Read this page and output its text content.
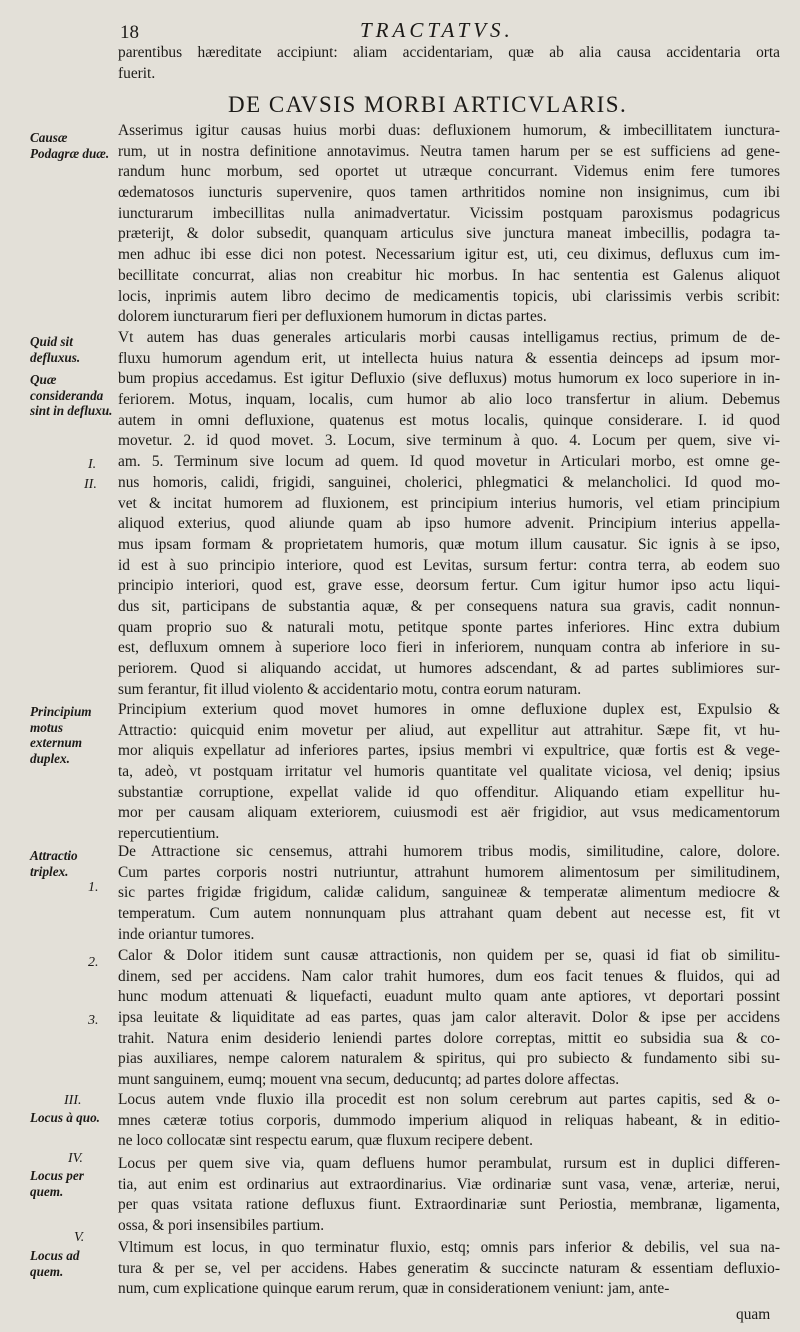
18	TRACTATVS.
parentibus hæreditate accipiunt: aliam accidentariam, quæ ab alia causa accidentaria orta
fuerit.
DE CAVSIS MORBI ARTICVLARIS.
Asserimus igitur causas huius morbi duas: defluxionem humorum, & imbecillitatem iunctura-
rum, ut in nostra definitione annotavimus. Neutra tamen harum per se est sufficiens ad gene-
randum hunc morbum, sed oportet ut utræque concurrant. Videmus enim fere tumores
œdematosos iuncturis supervenire, quos tamen arthritidos nomine non insignimus, cum ibi
iuncturarum imbecillitas nulla animadvertatur. Vicissim postquam paroxismus podagricus
præterijt, & dolor subsedit, quanquam articulus sive junctura maneat imbecillis, podagra ta-
men adhuc ibi esse dici non potest. Necessarium igitur est, uti, ceu diximus, defluxus cum im-
becillitate concurrat, alias non creabitur hic morbus. In hac sententia est Galenus aliquot
locis, inprimis autem libro decimo de medicamentis topicis, ubi clarissimis verbis scribit:
dolorem iuncturarum fieri per defluxionem humorum in dictas partes.
Vt autem has duas generales articularis morbi causas intelligamus rectius, primum de de-
fluxu humorum agendum erit, ut intellecta huius natura & essentia deinceps ad ipsum mor-
bum propius accedamus. Est igitur Defluxio (sive defluxus) motus humorum ex loco superiore in in-
feriorem. Motus, inquam, localis, cum humor ab alio loco transfertur in alium. Debemus
autem in omni defluxione, quatenus est motus localis, quinque considerare. I. id quod
movetur. 2. id quod movet. 3. Locum, sive terminum à quo. 4. Locum per quem, sive vi-
am. 5. Terminum sive locum ad quem. Id quod movetur in Articulari morbo, est omne ge-
nus homoris, calidi, frigidi, sanguinei, cholerici, phlegmatici & melancholici. Id quod mo-
vet & incitat humorem ad fluxionem, est principium interius humoris, vel etiam principium
aliquod exterius, quod aliunde quam ab ipso humore advenit. Principium interius appella-
mus ipsam formam & proprietatem humoris, quæ motum illum causatur. Sic ignis à se ipso,
id est à suo principio interiore, quod est Levitas, sursum fertur: contra terra, ab eodem suo
principio interiori, quod est, grave esse, deorsum fertur. Cum igitur humor ipso actu liqui-
dus sit, participans de substantia aquæ, & per consequens natura sua gravis, cadit nonnun-
quam proprio suo & naturali motu, petitque sponte partes inferiores. Hinc extra dubium
est, defluxum omnem à superiore loco fieri in inferiorem, nunquam contra ab inferiore in su-
periorem. Quod si aliquando accidat, ut humores adscendant, & ad partes sublimiores sur-
sum ferantur, fit illud violento & accidentario motu, contra eorum naturam.
Principium exterium quod movet humores in omne defluxione duplex est, Expulsio &
Attractio: quicquid enim movetur per aliud, aut expellitur aut attrahitur. Sæpe fit, vt hu-
mor aliquis expellatur ad inferiores partes, ipsius membri vi expultrice, quæ fortis est & vege-
ta, adeò, vt postquam irritatur vel humoris quantitate vel qualitate viciosa, vel deniq; ipsius
substantiæ corruptione, expellat valide id quo offenditur. Aliquando etiam expellitur hu-
mor per causam aliquam exteriorem, cuiusmodi est aër frigidior, aut vsus medicamentorum
repercutientium.
De Attractione sic censemus, attrahi humorem tribus modis, similitudine, calore, dolore.
Cum partes corporis nostri nutriuntur, attrahunt humorem alimentosum per similitudinem,
sic partes frigidæ frigidum, calidæ calidum, sanguineæ & temperatæ alimentum mediocre &
temperatum. Cum autem nonnunquam plus attrahant quam debent aut necesse est, fit vt
inde oriantur tumores.
Calor & Dolor itidem sunt causæ attractionis, non quidem per se, quasi id fiat ob similitu-
dinem, sed per accidens. Nam calor trahit humores, dum eos facit tenues & fluidos, qui ad
hunc modum attenuati & liquefacti, euadunt multo quam ante aptiores, vt deportari possint
ipsa leuitate & liquiditate ad eas partes, quas jam calor alteravit. Dolor & ipse per accidens
trahit. Natura enim desiderio leniendi partes dolore correptas, mittit eo subsidia sua & co-
pias auxiliares, nempe calorem naturalem & spiritus, qui pro subiecto & fundamento sibi su-
munt sanguinem, eumq; mouent vna secum, deducuntq; ad partes dolore affectas.
Locus autem vnde fluxio illa procedit est non solum cerebrum aut partes capitis, sed & o-
mnes cæteræ totius corporis, dummodo imperium aliquod in reliquas habeant, & in editio-
ne loco collocatæ sint respectu earum, quæ fluxum recipere debent.
Locus per quem sive via, quam defluens humor perambulat, rursum est in duplici differen-
tia, aut enim est ordinarius aut extraordinarius. Viæ ordinariæ sunt vasa, venæ, arteriæ, nerui,
per quas vsitata ratione defluxus fiunt. Extraordinariæ sunt Periostia, membranæ, ligamenta,
ossa, & pori insensibiles partium.
Vltimum est locus, in quo terminatur fluxio, estq; omnis pars inferior & debilis, vel sua na-
tura & per se, vel per accidens. Habes generatim & succincte naturam & essentiam defluxio-
num, cum explicatione quinque earum rerum, quæ in considerationem veniunt: jam, ante-
quam
Causæ Podagræ duæ.
Quid sit defluxus.
Quæ consideranda sint in defluxu.
Principium motus externum duplex.
Attractio triplex.
Locus à quo.
Locus per quem.
Locus ad quem.
I.
II.
1.
2.
3.
III.
IV.
V.
